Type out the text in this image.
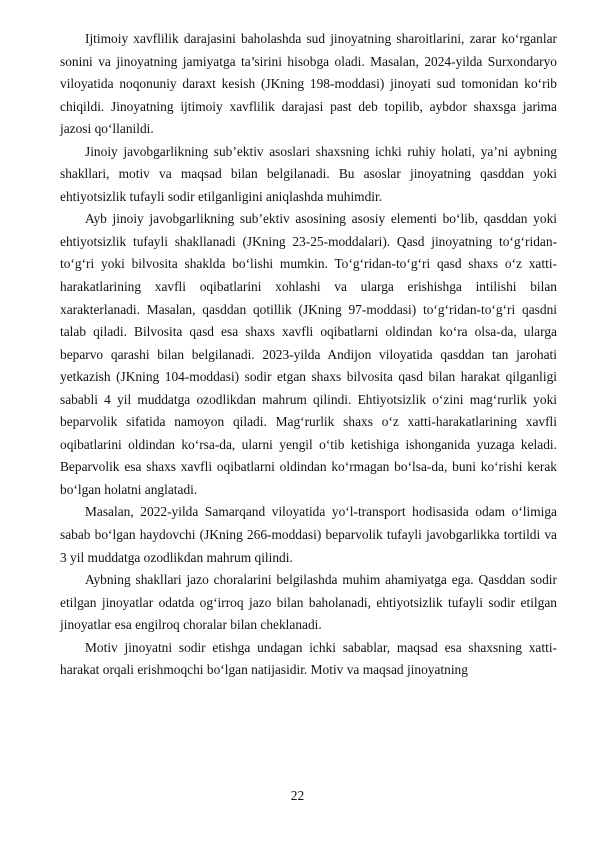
Ijtimoiy xavflilik darajasini baholashda sud jinoyatning sharoitlarini, zarar ko‘rganlar sonini va jinoyatning jamiyatga ta’sirini hisobga oladi. Masalan, 2024-yilda Surxondaryo viloyatida noqonuniy daraxt kesish (JKning 198-moddasi) jinoyati sud tomonidan ko‘rib chiqildi. Jinoyatning ijtimoiy xavflilik darajasi past deb topilib, aybdor shaxsga jarima jazosi qo‘llanildi.

Jinoiy javobgarlikning sub’ektiv asoslari shaxsning ichki ruhiy holati, ya’ni aybning shakllari, motiv va maqsad bilan belgilanadi. Bu asoslar jinoyatning qasddan yoki ehtiyotsizlik tufayli sodir etilganligini aniqlashda muhimdir.

Ayb jinoiy javobgarlikning sub’ektiv asosining asosiy elementi bo‘lib, qasddan yoki ehtiyotsizlik tufayli shakllanadi (JKning 23-25-moddalari). Qasd jinoyatning to‘g‘ridan-to‘g‘ri yoki bilvosita shaklda bo‘lishi mumkin. To‘g‘ridan-to‘g‘ri qasd shaxs o‘z xatti-harakatlarining xavfli oqibatlarini xohlashi va ularga erishishga intilishi bilan xarakterlanadi. Masalan, qasddan qotillik (JKning 97-moddasi) to‘g‘ridan-to‘g‘ri qasdni talab qiladi. Bilvosita qasd esa shaxs xavfli oqibatlarni oldindan ko‘ra olsa-da, ularga beparvo qarashi bilan belgilanadi. 2023-yilda Andijon viloyatida qasddan tan jarohati yetkazish (JKning 104-moddasi) sodir etgan shaxs bilvosita qasd bilan harakat qilganligi sababli 4 yil muddatga ozodlikdan mahrum qilindi. Ehtiyotsizlik o‘zini mag‘rurlik yoki beparvolik sifatida namoyon qiladi. Mag‘rurlik shaxs o‘z xatti-harakatlarining xavfli oqibatlarini oldindan ko‘rsa-da, ularni yengil o‘tib ketishiga ishonganida yuzaga keladi. Beparvolik esa shaxs xavfli oqibatlarni oldindan ko‘rmagan bo‘lsa-da, buni ko‘rishi kerak bo‘lgan holatni anglatadi.

Masalan, 2022-yilda Samarqand viloyatida yo‘l-transport hodisasida odam o‘limiga sabab bo‘lgan haydovchi (JKning 266-moddasi) beparvolik tufayli javobgarlikka tortildi va 3 yil muddatga ozodlikdan mahrum qilindi.

Aybning shakllari jazo choralarini belgilashda muhim ahamiyatga ega. Qasddan sodir etilgan jinoyatlar odatda og‘irroq jazo bilan baholanadi, ehtiyotsizlik tufayli sodir etilgan jinoyatlar esa engilroq choralar bilan cheklanadi.

Motiv jinoyatni sodir etishga undagan ichki sabablar, maqsad esa shaxsning xatti-harakat orqali erishmoqchi bo‘lgan natijasidir. Motiv va maqsad jinoyatning

22
